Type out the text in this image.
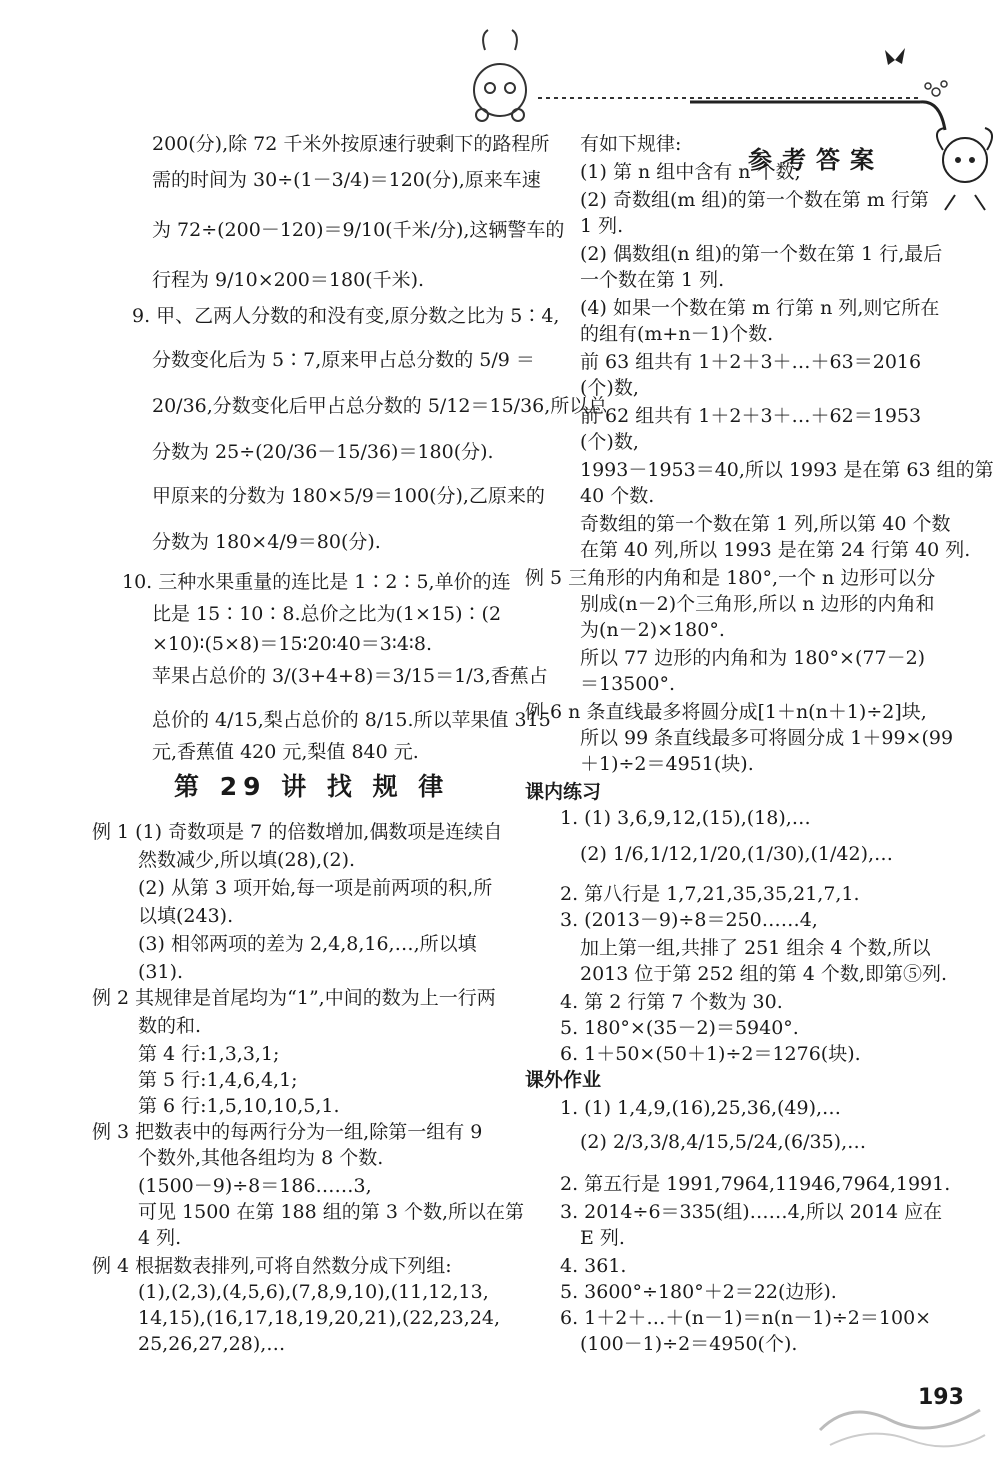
参考答案
200(分),除 72 千米外按原速行驶剩下的路程所
需的时间为 30÷(1－3/4)＝120(分),原来车速
为 72÷(200－120)＝9/10(千米/分),这辆警车的
行程为 9/10×200＝180(千米).
9. 甲、乙两人分数的和没有变,原分数之比为 5∶4,
分数变化后为 5∶7,原来甲占总分数的 5/9 ＝
20/36,分数变化后甲占总分数的 5/12＝15/36,所以总
分数为 25÷(20/36－15/36)＝180(分).
甲原来的分数为 180×5/9＝100(分),乙原来的
分数为 180×4/9＝80(分).
10. 三种水果重量的连比是 1∶2∶5,单价的连
比是 15∶10∶8.总价之比为(1×15)∶(2
×10)∶(5×8)＝15∶20∶40＝3∶4∶8.
苹果占总价的 3/(3+4+8)＝3/15＝1/3,香蕉占
总价的 4/15,梨占总价的 8/15.所以苹果值 315
元,香蕉值 420 元,梨值 840 元.
第 29 讲 找 规 律
例 1 (1) 奇数项是 7 的倍数增加,偶数项是连续自
然数减少,所以填(28),(2).
(2) 从第 3 项开始,每一项是前两项的积,所
以填(243).
(3) 相邻两项的差为 2,4,8,16,…,所以填
(31).
例 2 其规律是首尾均为“1”,中间的数为上一行两
数的和.
第 4 行:1,3,3,1;
第 5 行:1,4,6,4,1;
第 6 行:1,5,10,10,5,1.
例 3 把数表中的每两行分为一组,除第一组有 9
个数外,其他各组均为 8 个数.
(1500－9)÷8＝186……3,
可见 1500 在第 188 组的第 3 个数,所以在第
4 列.
例 4 根据数表排列,可将自然数分成下列组:
(1),(2,3),(4,5,6),(7,8,9,10),(11,12,13,
14,15),(16,17,18,19,20,21),(22,23,24,
25,26,27,28),…
有如下规律:
(1) 第 n 组中含有 n 个数,
(2) 奇数组(m 组)的第一个数在第 m 行第
1 列.
(2) 偶数组(n 组)的第一个数在第 1 行,最后
一个数在第 1 列.
(4) 如果一个数在第 m 行第 n 列,则它所在
的组有(m+n－1)个数.
前 63 组共有 1＋2＋3＋…＋63＝2016
(个)数,
前 62 组共有 1＋2＋3＋…＋62＝1953
(个)数,
1993－1953＝40,所以 1993 是在第 63 组的第
40 个数.
奇数组的第一个数在第 1 列,所以第 40 个数
在第 40 列,所以 1993 是在第 24 行第 40 列.
例 5 三角形的内角和是 180°,一个 n 边形可以分
别成(n－2)个三角形,所以 n 边形的内角和
为(n－2)×180°.
所以 77 边形的内角和为 180°×(77－2)
＝13500°.
例 6 n 条直线最多将圆分成[1＋n(n＋1)÷2]块,
所以 99 条直线最多可将圆分成 1＋99×(99
＋1)÷2＝4951(块).
课内练习
1. (1) 3,6,9,12,(15),(18),…
(2) 1/6,1/12,1/20,(1/30),(1/42),…
2. 第八行是 1,7,21,35,35,21,7,1.
3. (2013－9)÷8＝250……4,
加上第一组,共排了 251 组余 4 个数,所以
2013 位于第 252 组的第 4 个数,即第⑤列.
4. 第 2 行第 7 个数为 30.
5. 180°×(35－2)＝5940°.
6. 1＋50×(50＋1)÷2＝1276(块).
课外作业
1. (1) 1,4,9,(16),25,36,(49),…
(2) 2/3,3/8,4/15,5/24,(6/35),…
2. 第五行是 1991,7964,11946,7964,1991.
3. 2014÷6＝335(组)……4,所以 2014 应在
E 列.
4. 361.
5. 3600°÷180°＋2＝22(边形).
6. 1＋2＋…＋(n－1)＝n(n－1)÷2＝100×
(100－1)÷2＝4950(个).
193
